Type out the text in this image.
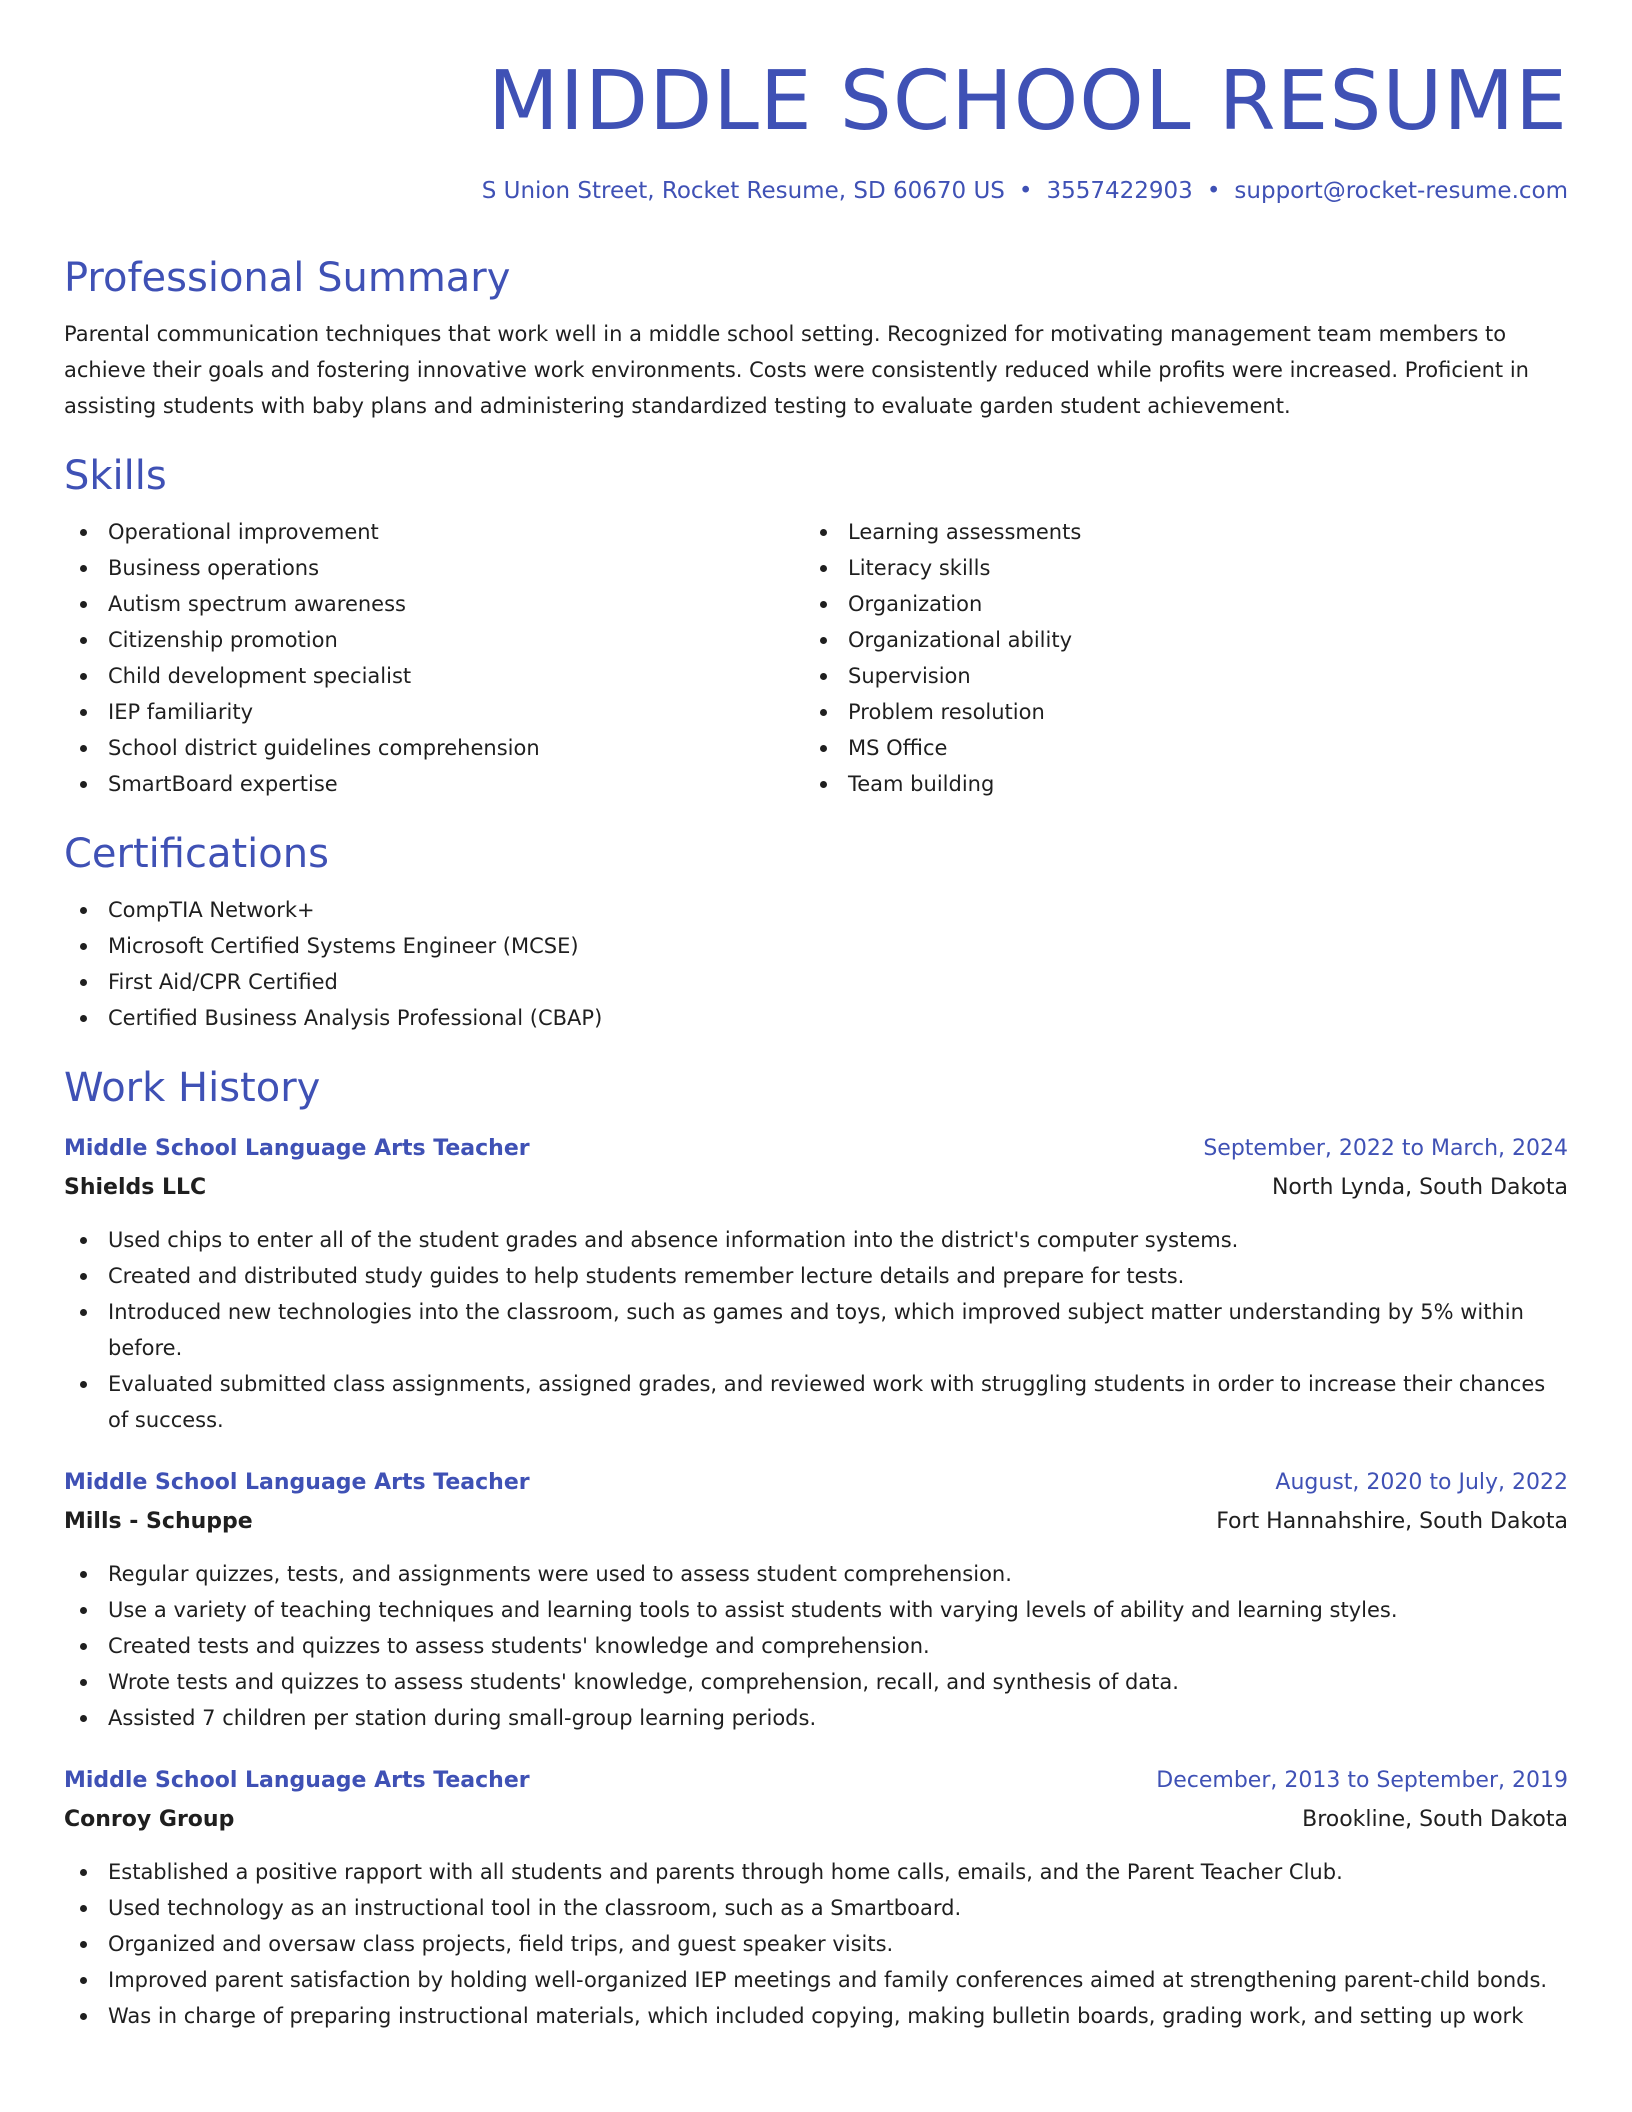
MIDDLE SCHOOL RESUME
S Union Street, Rocket Resume, SD 60670 US • 3557422903 • support@rocket-resume.com
Professional Summary

Parental communication techniques that work well in a middle school setting. Recognized for motivating management team members to achieve their goals and fostering innovative work environments. Costs were consistently reduced while profits were increased. Proficient in assisting students with baby plans and administering standardized testing to evaluate garden student achievement.

Skills
Operational improvement
Business operations
Autism spectrum awareness
Citizenship promotion
Child development specialist
IEP familiarity
School district guidelines comprehension
SmartBoard expertise
Learning assessments
Literacy skills
Organization
Organizational ability
Supervision
Problem resolution
MS Office
Team building
Certifications
CompTIA Network+
Microsoft Certified Systems Engineer (MCSE)
First Aid/CPR Certified
Certified Business Analysis Professional (CBAP)
Work History
Middle School Language Arts Teacher	September, 2022 to March, 2024
Shields LLC	North Lynda, South Dakota
Used chips to enter all of the student grades and absence information into the district's computer systems.
Created and distributed study guides to help students remember lecture details and prepare for tests.
Introduced new technologies into the classroom, such as games and toys, which improved subject matter understanding by 5% within before.
Evaluated submitted class assignments, assigned grades, and reviewed work with struggling students in order to increase their chances of success.
Middle School Language Arts Teacher	August, 2020 to July, 2022
Mills - Schuppe	Fort Hannahshire, South Dakota
Regular quizzes, tests, and assignments were used to assess student comprehension.
Use a variety of teaching techniques and learning tools to assist students with varying levels of ability and learning styles.
Created tests and quizzes to assess students' knowledge and comprehension.
Wrote tests and quizzes to assess students' knowledge, comprehension, recall, and synthesis of data.
Assisted 7 children per station during small-group learning periods.
Middle School Language Arts Teacher	December, 2013 to September, 2019
Conroy Group	Brookline, South Dakota
Established a positive rapport with all students and parents through home calls, emails, and the Parent Teacher Club.
Used technology as an instructional tool in the classroom, such as a Smartboard.
Organized and oversaw class projects, field trips, and guest speaker visits.
Improved parent satisfaction by holding well-organized IEP meetings and family conferences aimed at strengthening parent-child bonds.
Was in charge of preparing instructional materials, which included copying, making bulletin boards, grading work, and setting up work
